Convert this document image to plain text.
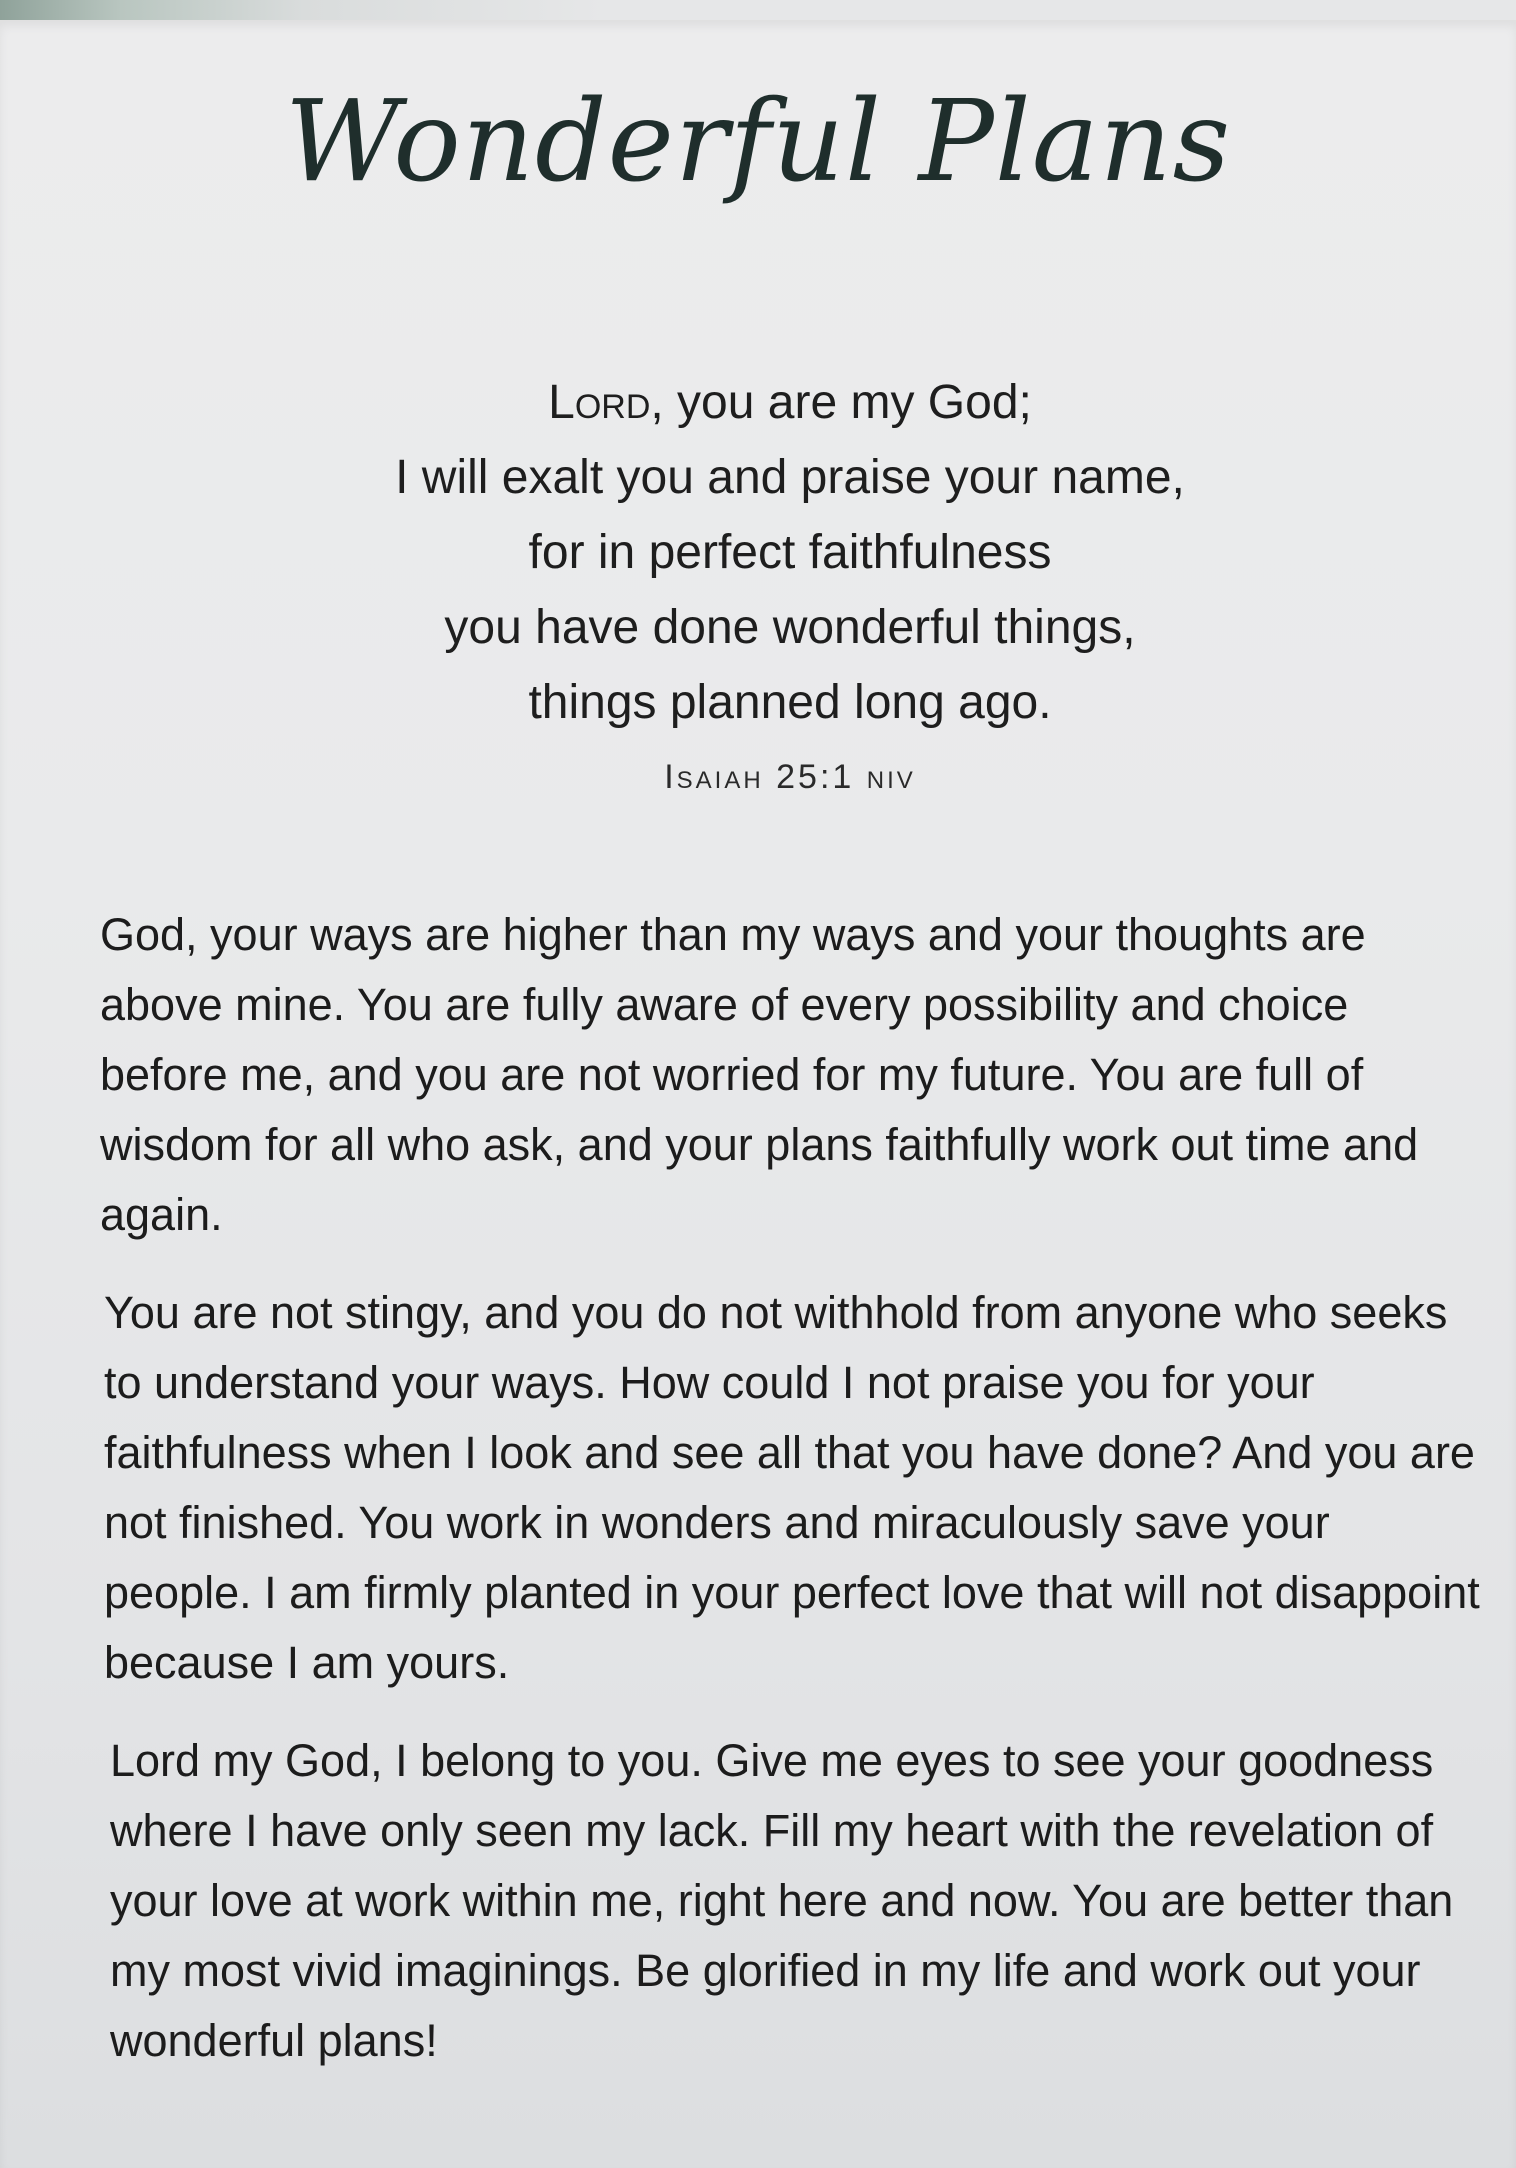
Wonderful Plans
Lord, you are my God;
I will exalt you and praise your name,
for in perfect faithfulness
you have done wonderful things,
things planned long ago.
Isaiah 25:1 niv

God, your ways are higher than my ways and your thoughts are above mine. You are fully aware of every possibility and choice before me, and you are not worried for my future. You are full of wisdom for all who ask, and your plans faithfully work out time and again.

You are not stingy, and you do not withhold from anyone who seeks to understand your ways. How could I not praise you for your faithfulness when I look and see all that you have done? And you are not finished. You work in wonders and miraculously save your people. I am firmly planted in your perfect love that will not disappoint because I am yours.

Lord my God, I belong to you. Give me eyes to see your goodness where I have only seen my lack. Fill my heart with the revelation of your love at work within me, right here and now. You are better than my most vivid imaginings. Be glorified in my life and work out your wonderful plans!
